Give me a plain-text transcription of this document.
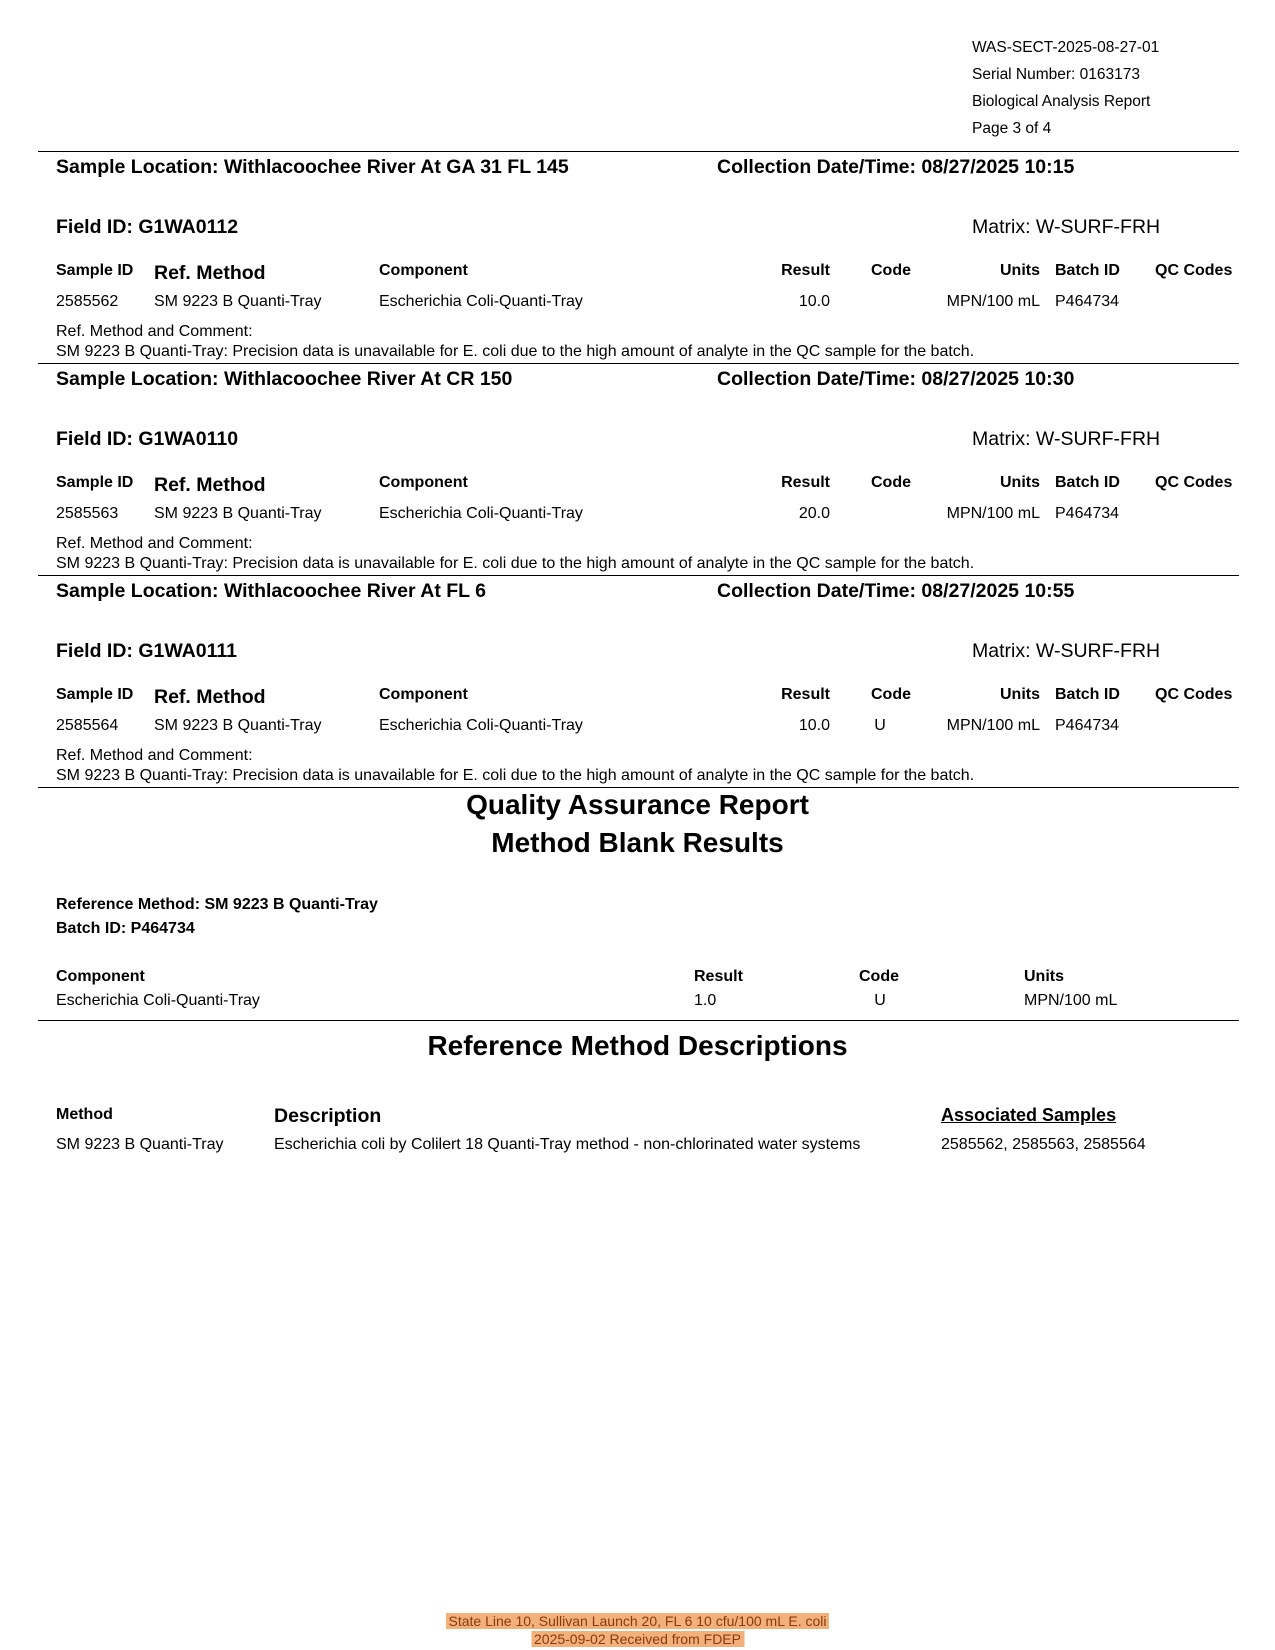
WAS-SECT-2025-08-27-01
Serial Number: 0163173
Biological Analysis Report
Page 3 of 4
Sample Location: Withlacoochee River At GA 31 FL 145	Collection Date/Time: 08/27/2025 10:15
Field ID: G1WA0112	Matrix: W-SURF-FRH
Sample ID Ref. Method	Component	Result	Code	Units Batch ID QC Codes
2585562 SM 9223 B Quanti-Tray	Escherichia Coli-Quanti-Tray	10.0	MPN/100 mL P464734
Ref. Method and Comment:
SM 9223 B Quanti-Tray: Precision data is unavailable for E. coli due to the high amount of analyte in the QC sample for the batch.
Sample Location: Withlacoochee River At CR 150	Collection Date/Time: 08/27/2025 10:30
Field ID: G1WA0110	Matrix: W-SURF-FRH
Sample ID Ref. Method	Component	Result	Code	Units Batch ID QC Codes
2585563 SM 9223 B Quanti-Tray	Escherichia Coli-Quanti-Tray	20.0	MPN/100 mL P464734
Ref. Method and Comment:
SM 9223 B Quanti-Tray: Precision data is unavailable for E. coli due to the high amount of analyte in the QC sample for the batch.
Sample Location: Withlacoochee River At FL 6	Collection Date/Time: 08/27/2025 10:55
Field ID: G1WA0111	Matrix: W-SURF-FRH
Sample ID Ref. Method	Component	Result	Code	Units Batch ID QC Codes
2585564 SM 9223 B Quanti-Tray	Escherichia Coli-Quanti-Tray	10.0	U	MPN/100 mL P464734
Ref. Method and Comment:
SM 9223 B Quanti-Tray: Precision data is unavailable for E. coli due to the high amount of analyte in the QC sample for the batch.
Quality Assurance Report
Method Blank Results
Reference Method: SM 9223 B Quanti-Tray
Batch ID: P464734
Component	Result	Code	Units
Escherichia Coli-Quanti-Tray	1.0	U	MPN/100 mL
Reference Method Descriptions
Method	Description	Associated Samples
SM 9223 B Quanti-Tray	Escherichia coli by Colilert 18 Quanti-Tray method - non-chlorinated water systems	2585562, 2585563, 2585564
State Line 10, Sullivan Launch 20, FL 6 10 cfu/100 mL E. coli
2025-09-02 Received from FDEP
